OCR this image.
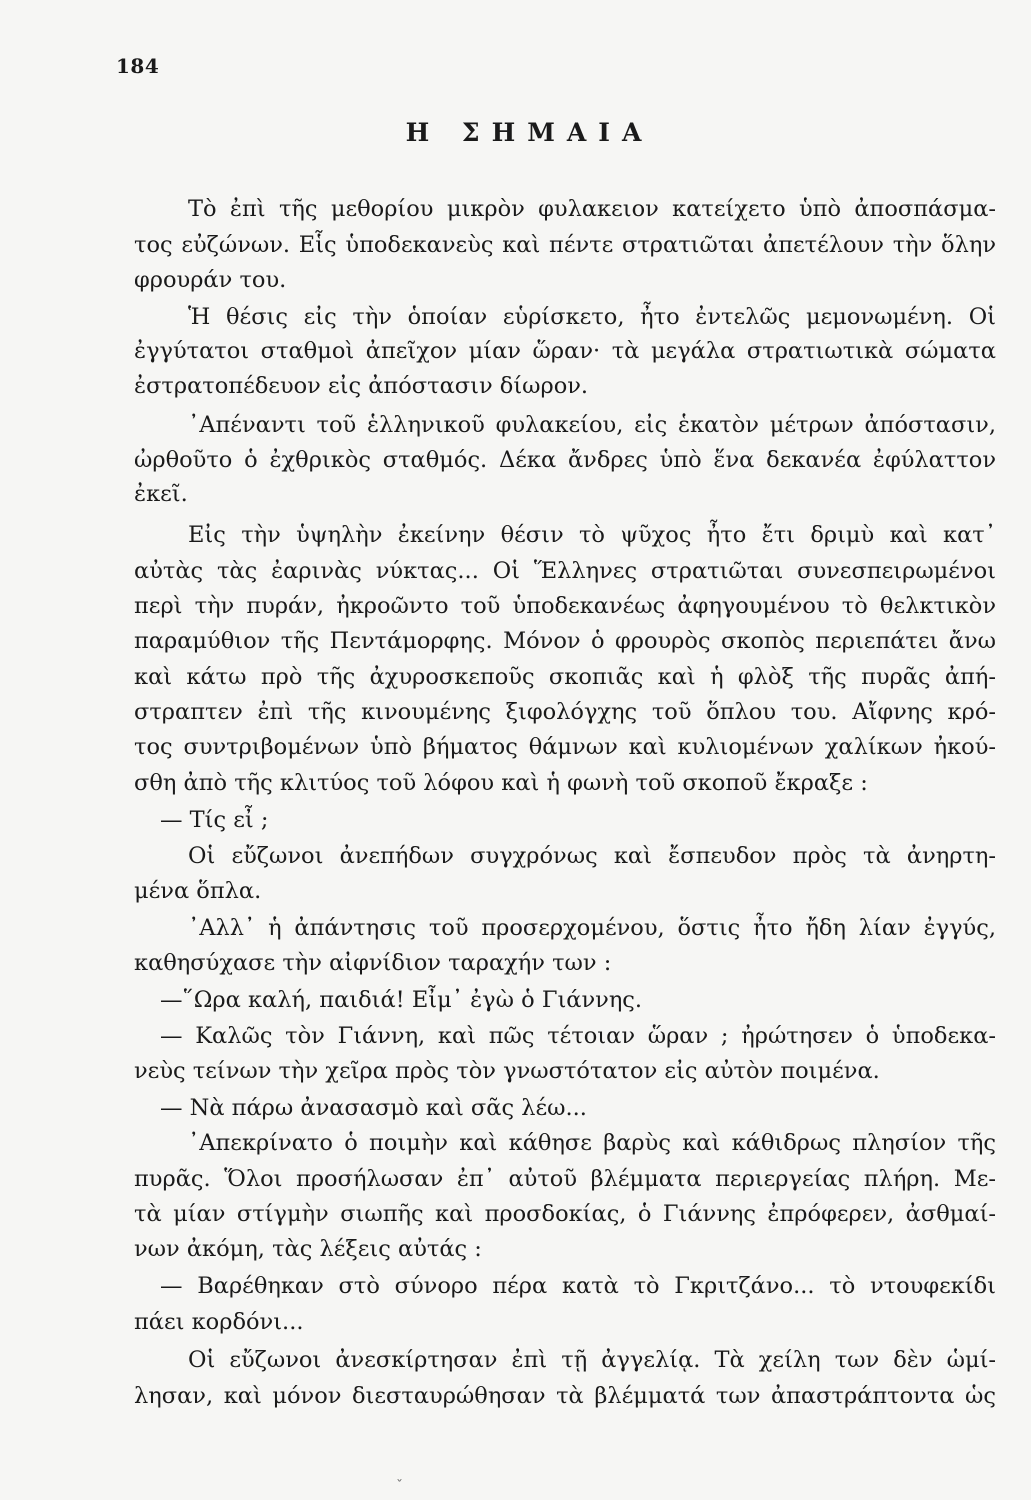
184
Η ΣΗΜΑΙΑ
Τὸ ἐπὶ τῆς μεθορίου μικρὸν φυλακειον κατείχετο ὑπὸ ἀποσπάσμα-
τος εὐζώνων. Εἷς ὑποδεκανεὺς καὶ πέντε στρατιῶται ἀπετέλουν τὴν ὅλην
φρουράν του.
Ἡ θέσις εἰς τὴν ὁποίαν εὑρίσκετο, ἦτο ἐντελῶς μεμονωμένη. Οἱ
ἐγγύτατοι σταθμοὶ ἀπεῖχον μίαν ὥραν· τὰ μεγάλα στρατιωτικὰ σώματα
ἐστρατοπέδευον εἰς ἀπόστασιν δίωρον.
᾿Απέναντι τοῦ ἑλληνικοῦ φυλακείου, εἰς ἑκατὸν μέτρων ἀπόστασιν,
ὠρθοῦτο ὁ ἐχθρικὸς σταθμός. Δέκα ἄνδρες ὑπὸ ἕνα δεκανέα ἐφύλαττον
ἐκεῖ.
Εἰς τὴν ὑψηλὴν ἐκείνην θέσιν τὸ ψῦχος ἦτο ἔτι δριμὺ καὶ κατ᾿
αὐτὰς τὰς ἐαρινὰς νύκτας... Οἱ Ἕλληνες στρατιῶται συνεσπειρωμένοι
περὶ τὴν πυράν, ἠκροῶντο τοῦ ὑποδεκανέως ἀφηγουμένου τὸ θελκτικὸν
παραμύθιον τῆς Πεντάμορφης. Μόνον ὁ φρουρὸς σκοπὸς περιεπάτει ἄνω
καὶ κάτω πρὸ τῆς ἀχυροσκεποῦς σκοπιᾶς καὶ ἡ φλὸξ τῆς πυρᾶς ἀπή-
στραπτεν ἐπὶ τῆς κινουμένης ξιφολόγχης τοῦ ὅπλου του. Αἴφνης κρό-
τος συντριβομένων ὑπὸ βήματος θάμνων καὶ κυλιομένων χαλίκων ἠκού-
σθη ἀπὸ τῆς κλιτύος τοῦ λόφου καὶ ἡ φωνὴ τοῦ σκοποῦ ἔκραξε :
— Τίς εἶ ;
Οἱ εὔζωνοι ἀνεπήδων συγχρόνως καὶ ἔσπευδον πρὸς τὰ ἀνηρτη-
μένα ὅπλα.
᾿Αλλ᾿ ἡ ἀπάντησις τοῦ προσερχομένου, ὅστις ἦτο ἤδη λίαν ἐγγύς,
καθησύχασε τὴν αἰφνίδιον ταραχήν των :
—῞Ωρα καλή, παιδιά! Εἶμ᾿ ἐγὼ ὁ Γιάννης.
— Καλῶς τὸν Γιάννη, καὶ πῶς τέτοιαν ὥραν ; ἠρώτησεν ὁ ὑποδεκα-
νεὺς τείνων τὴν χεῖρα πρὸς τὸν γνωστότατον εἰς αὐτὸν ποιμένα.
— Νὰ πάρω ἀνασασμὸ καὶ σᾶς λέω...
᾿Απεκρίνατο ὁ ποιμὴν καὶ κάθησε βαρὺς καὶ κάθιδρως πλησίον τῆς
πυρᾶς. Ὅλοι προσήλωσαν ἐπ᾿ αὐτοῦ βλέμματα περιεργείας πλήρη. Με-
τὰ μίαν στίγμὴν σιωπῆς καὶ προσδοκίας, ὁ Γιάννης ἐπρόφερεν, ἀσθμαί-
νων ἀκόμη, τὰς λέξεις αὐτάς :
— Βαρέθηκαν στὸ σύνορο πέρα κατὰ τὸ Γκριτζάνο... τὸ ντουφεκίδι
πάει κορδόνι...
Οἱ εὔζωνοι ἀνεσκίρτησαν ἐπὶ τῇ ἀγγελίᾳ. Τὰ χείλη των δὲν ὡμί-
λησαν, καὶ μόνον διεσταυρώθησαν τὰ βλέμματά των ἀπαστράπτοντα ὡς
ˇ
